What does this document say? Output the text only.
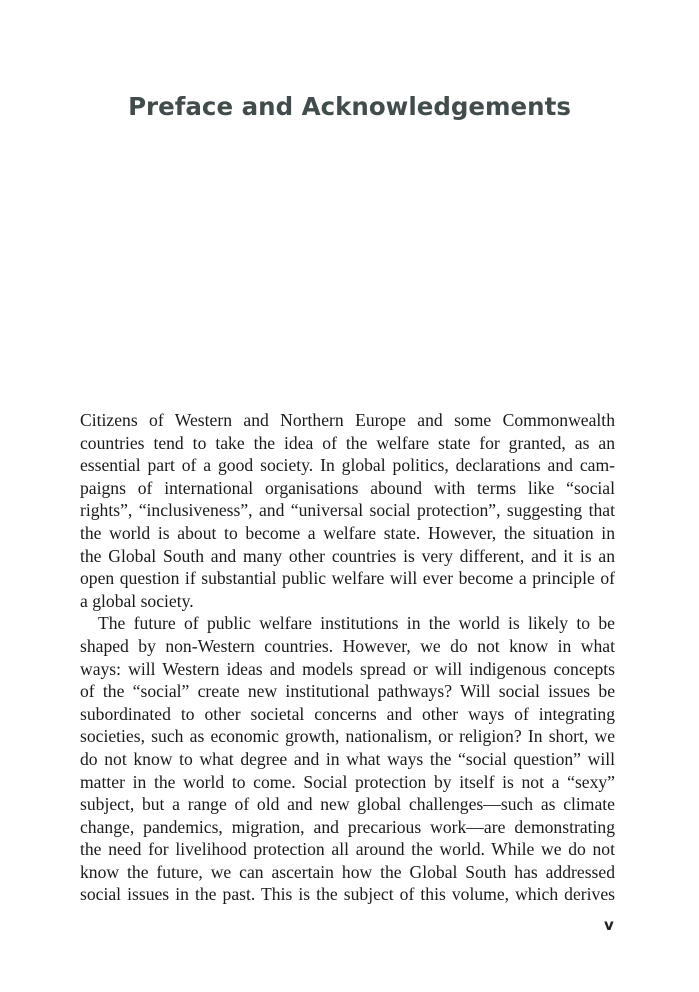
Preface and Acknowledgements

Citizens of Western and Northern Europe and some Commonwealth
countries tend to take the idea of the welfare state for granted, as an
essential part of a good society. In global politics, declarations and cam-
paigns of international organisations abound with terms like “social
rights”, “inclusiveness”, and “universal social protection”, suggesting that
the world is about to become a welfare state. However, the situation in
the Global South and many other countries is very different, and it is an
open question if substantial public welfare will ever become a principle of
a global society.

The future of public welfare institutions in the world is likely to be
shaped by non-Western countries. However, we do not know in what
ways: will Western ideas and models spread or will indigenous concepts
of the “social” create new institutional pathways? Will social issues be
subordinated to other societal concerns and other ways of integrating
societies, such as economic growth, nationalism, or religion? In short, we
do not know to what degree and in what ways the “social question” will
matter in the world to come. Social protection by itself is not a “sexy”
subject, but a range of old and new global challenges—such as climate
change, pandemics, migration, and precarious work—are demonstrating
the need for livelihood protection all around the world. While we do not
know the future, we can ascertain how the Global South has addressed
social issues in the past. This is the subject of this volume, which derives

v
